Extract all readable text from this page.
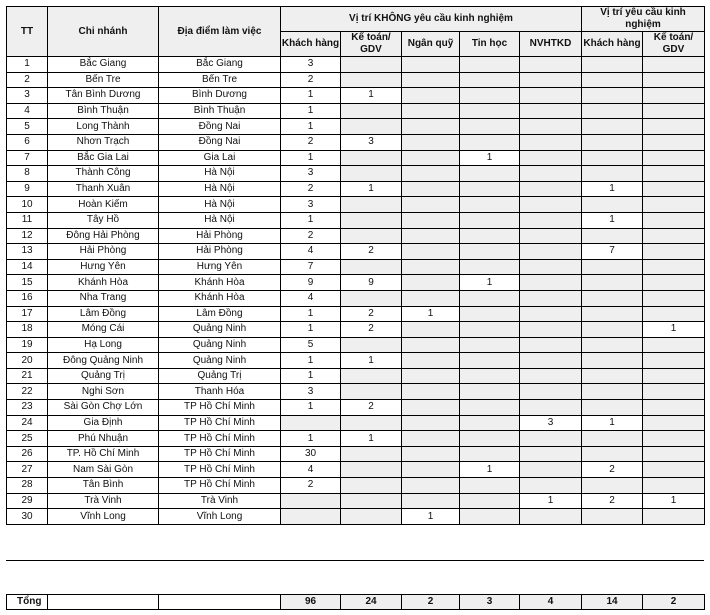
TT	Chi nhánh	Địa điểm làm việc	Vị trí KHÔNG yêu cầu kinh nghiệm					Vị trí yêu cầu kinh nghiệm	
			Khách hàng	Kế toán/ GDV	Ngân quỹ	Tin học	NVHTKD	Khách hàng	Kế toán/ GDV
1	Bắc Giang	Bắc Giang	3						
2	Bến Tre	Bến Tre	2						
3	Tân Bình Dương	Bình Dương	1	1					
4	Bình Thuận	Bình Thuận	1						
5	Long Thành	Đồng Nai	1						
6	Nhơn Trạch	Đồng Nai	2	3					
7	Bắc Gia Lai	Gia Lai	1			1			
8	Thành Công	Hà Nội	3						
9	Thanh Xuân	Hà Nội	2	1				1	
10	Hoàn Kiếm	Hà Nội	3						
11	Tây Hồ	Hà Nội	1					1	
12	Đông Hải Phòng	Hải Phòng	2						
13	Hải Phòng	Hải Phòng	4	2				7	
14	Hưng Yên	Hưng Yên	7						
15	Khánh Hòa	Khánh Hòa	9	9		1			
16	Nha Trang	Khánh Hòa	4						
17	Lâm Đồng	Lâm Đồng	1	2	1				
18	Móng Cái	Quảng Ninh	1	2					1
19	Hạ Long	Quảng Ninh	5						
20	Đông Quảng Ninh	Quảng Ninh	1	1					
21	Quảng Trị	Quảng Trị	1						
22	Nghi Sơn	Thanh Hóa	3						
23	Sài Gòn Chợ Lớn	TP Hồ Chí Minh	1	2					
24	Gia Định	TP Hồ Chí Minh					3	1	
25	Phú Nhuận	TP Hồ Chí Minh	1	1					
26	TP. Hồ Chí Minh	TP Hồ Chí Minh	30						
27	Nam Sài Gòn	TP Hồ Chí Minh	4			1		2	
28	Tân Bình	TP Hồ Chí Minh	2						
29	Trà Vinh	Trà Vinh					1	2	1
30	Vĩnh Long	Vĩnh Long			1				

Tổng			96	24	2	3	4	14	2
